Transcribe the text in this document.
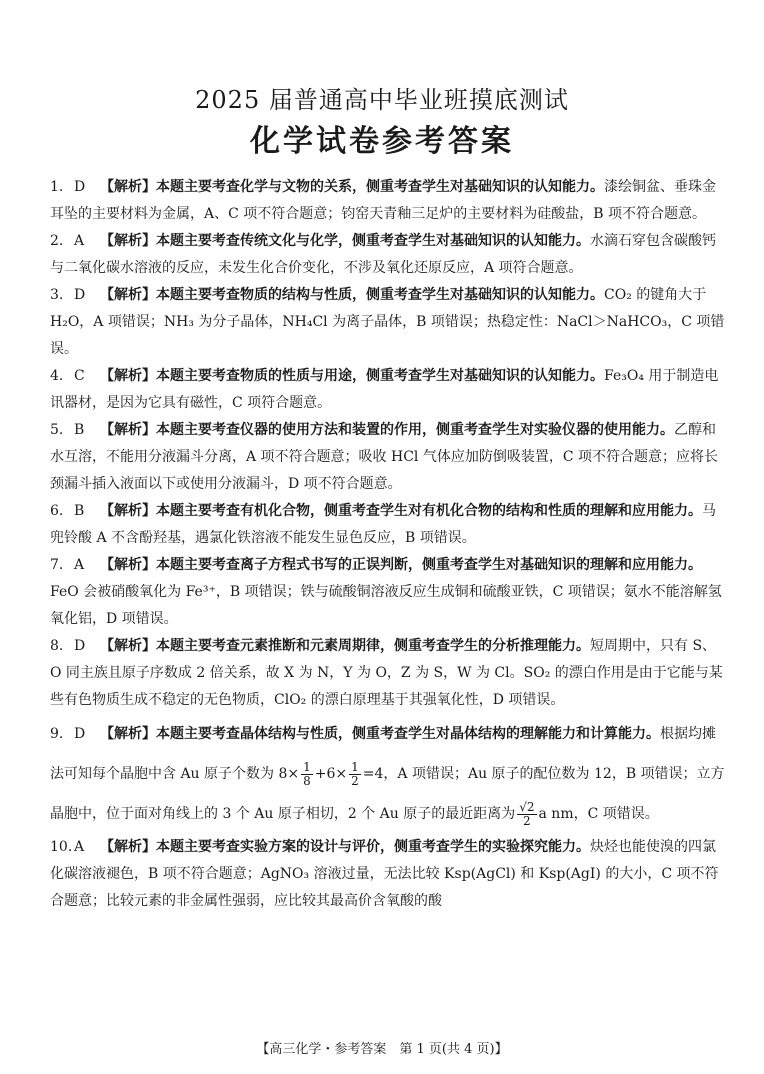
2025 届普通高中毕业班摸底测试
化学试卷参考答案

1. D 【解析】本题主要考查化学与文物的关系，侧重考查学生对基础知识的认知能力。漆绘铜盆、垂珠金耳坠的主要材料为金属，A、C 项不符合题意；钧窑天青釉三足炉的主要材料为硅酸盐，B 项不符合题意。

2. A 【解析】本题主要考查传统文化与化学，侧重考查学生对基础知识的认知能力。水滴石穿包含碳酸钙与二氧化碳水溶液的反应，未发生化合价变化，不涉及氧化还原反应，A 项符合题意。

3. D 【解析】本题主要考查物质的结构与性质，侧重考查学生对基础知识的认知能力。CO₂ 的键角大于 H₂O，A 项错误；NH₃ 为分子晶体，NH₄Cl 为离子晶体，B 项错误；热稳定性：NaCl＞NaHCO₃，C 项错误。

4. C 【解析】本题主要考查物质的性质与用途，侧重考查学生对基础知识的认知能力。Fe₃O₄ 用于制造电讯器材，是因为它具有磁性，C 项符合题意。

5. B 【解析】本题主要考查仪器的使用方法和装置的作用，侧重考查学生对实验仪器的使用能力。乙醇和水互溶，不能用分液漏斗分离，A 项不符合题意；吸收 HCl 气体应加防倒吸装置，C 项不符合题意；应将长颈漏斗插入液面以下或使用分液漏斗，D 项不符合题意。

6. B 【解析】本题主要考查有机化合物，侧重考查学生对有机化合物的结构和性质的理解和应用能力。马兜铃酸 A 不含酚羟基，遇氯化铁溶液不能发生显色反应，B 项错误。

7. A 【解析】本题主要考查离子方程式书写的正误判断，侧重考查学生对基础知识的理解和应用能力。FeO 会被硝酸氧化为 Fe³⁺，B 项错误；铁与硫酸铜溶液反应生成铜和硫酸亚铁，C 项错误；氨水不能溶解氢氧化铝，D 项错误。

8. D 【解析】本题主要考查元素推断和元素周期律，侧重考查学生的分析推理能力。短周期中，只有 S、O 同主族且原子序数成 2 倍关系，故 X 为 N，Y 为 O，Z 为 S，W 为 Cl。SO₂ 的漂白作用是由于它能与某些有色物质生成不稳定的无色物质，ClO₂ 的漂白原理基于其强氧化性，D 项错误。

9. D 【解析】本题主要考查晶体结构与性质，侧重考查学生对晶体结构的理解能力和计算能力。根据均摊法可知每个晶胞中含 Au 原子个数为 $8\times \frac{1}{8} +6\times \frac{1}{2} =4$，A 项错误；Au 原子的配位数为 12，B 项错误；立方晶胞中，位于面对角线上的 3 个 Au 原子相切，2 个 Au 原子的最近距离为 $\frac{√2}{2}$ a nm，C 项错误。

10. A 【解析】本题主要考查实验方案的设计与评价，侧重考查学生的实验探究能力。炔烃也能使溴的四氯化碳溶液褪色，B 项不符合题意；AgNO₃ 溶液过量，无法比较 Ksp(AgCl) 和 Ksp(AgI) 的大小，C 项不符合题意；比较元素的非金属性强弱，应比较其最高价含氧酸的酸

【高三化学・参考答案　第 1 页(共 4 页)】
